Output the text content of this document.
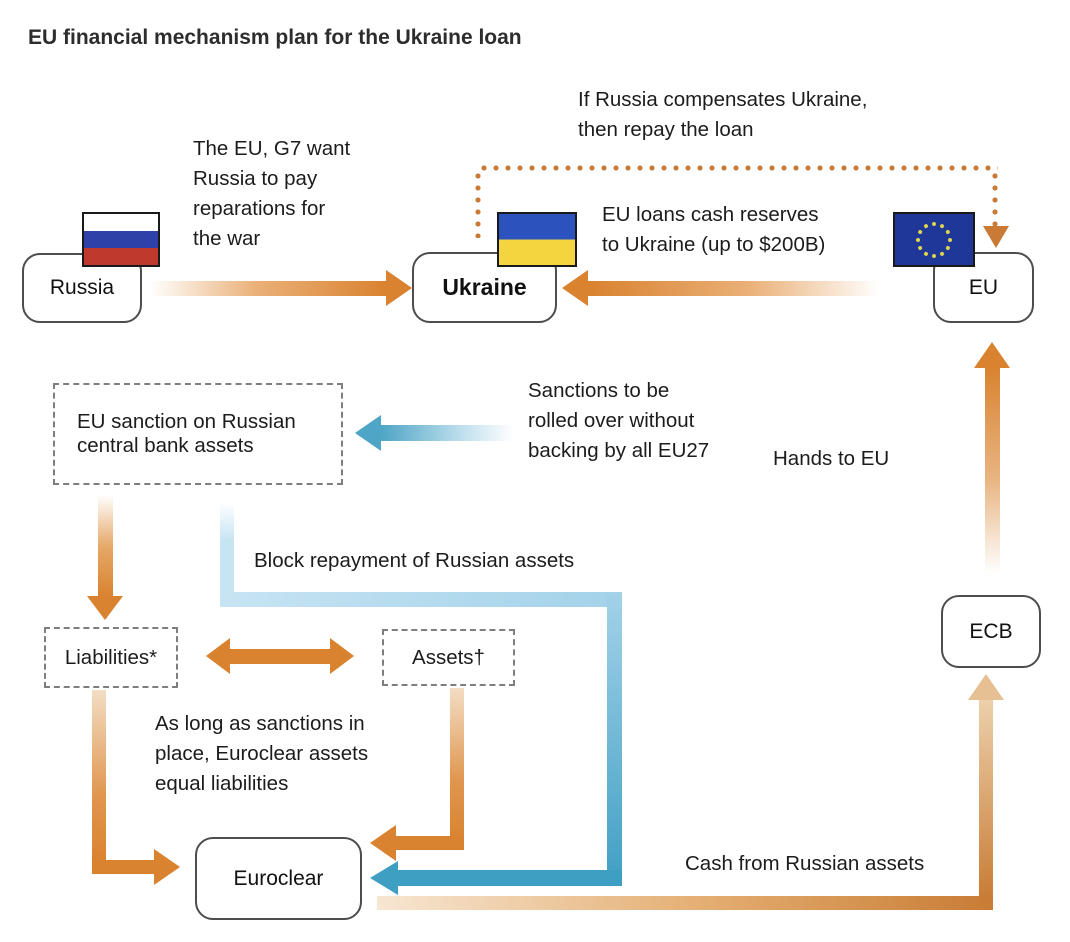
Russia	Ukraine	EU
ECB
Euroclear
EU sanction on Russian
central bank assets
Liabilities*	Assets†
EU financial mechanism plan for the Ukraine loan
The EU, G7 want
Russia to pay
reparations for
the war
If Russia compensates Ukraine,
then repay the loan
EU loans cash reserves
to Ukraine (up to $200B)
Sanctions to be
rolled over without
backing by all EU27	Hands to EU
Block repayment of Russian assets
As long as sanctions in
place, Euroclear assets
equal liabilities
Cash from Russian assets
